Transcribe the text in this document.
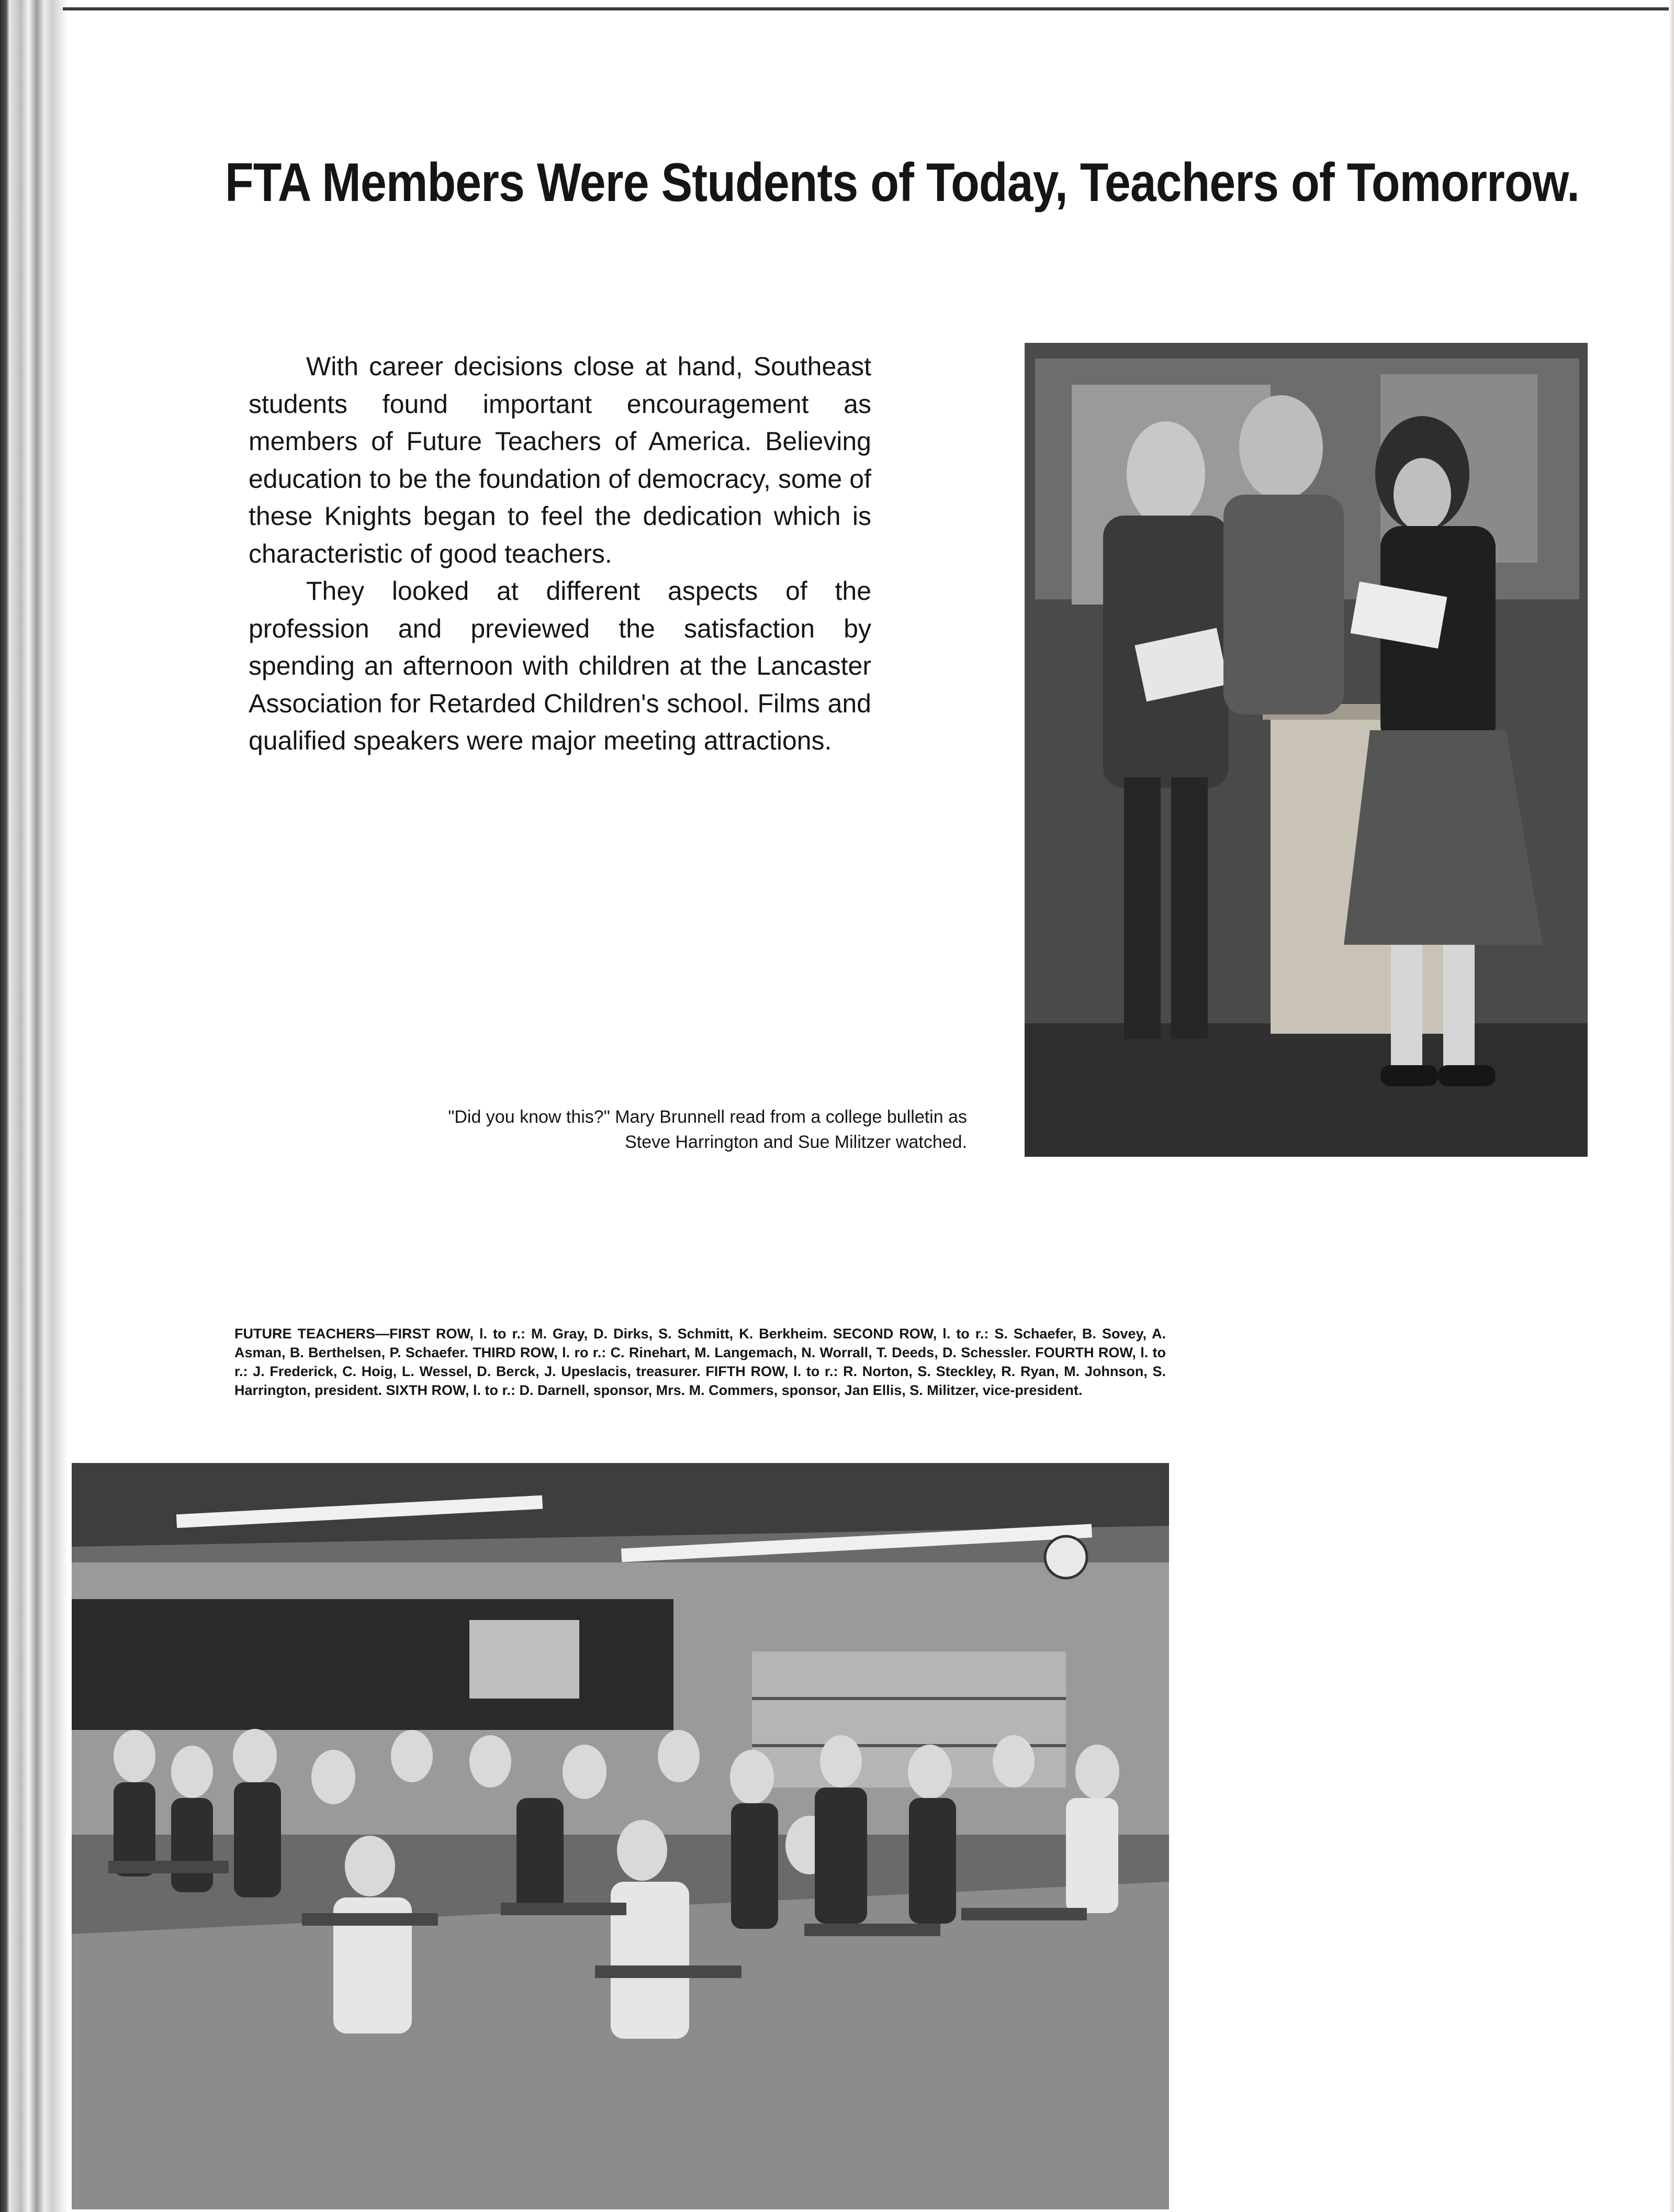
FTA Members Were Students of Today, Teachers of Tomorrow.

With career decisions close at hand, Southeast students found important encouragement as members of Future Teachers of America. Believing education to be the foundation of democracy, some of these Knights began to feel the dedication which is characteristic of good teachers.

They looked at different aspects of the profession and previewed the satisfaction by spending an afternoon with children at the Lancaster Association for Retarded Children's school. Films and qualified speakers were major meeting attractions.

"Did you know this?" Mary Brunnell read from a college bulletin as Steve Harrington and Sue Militzer watched.
FUTURE TEACHERS—FIRST ROW, l. to r.: M. Gray, D. Dirks, S. Schmitt, K. Berkheim. SECOND ROW, l. to r.: S. Schaefer, B. Sovey, A. Asman, B. Berthelsen, P. Schaefer. THIRD ROW, l. ro r.: C. Rinehart, M. Langemach, N. Worrall, T. Deeds, D. Schessler. FOURTH ROW, l. to r.: J. Frederick, C. Hoig, L. Wessel, D. Berck, J. Upeslacis, treasurer. FIFTH ROW, l. to r.: R. Norton, S. Steckley, R. Ryan, M. Johnson, S. Harrington, president. SIXTH ROW, l. to r.: D. Darnell, sponsor, Mrs. M. Commers, sponsor, Jan Ellis, S. Militzer, vice-president.
